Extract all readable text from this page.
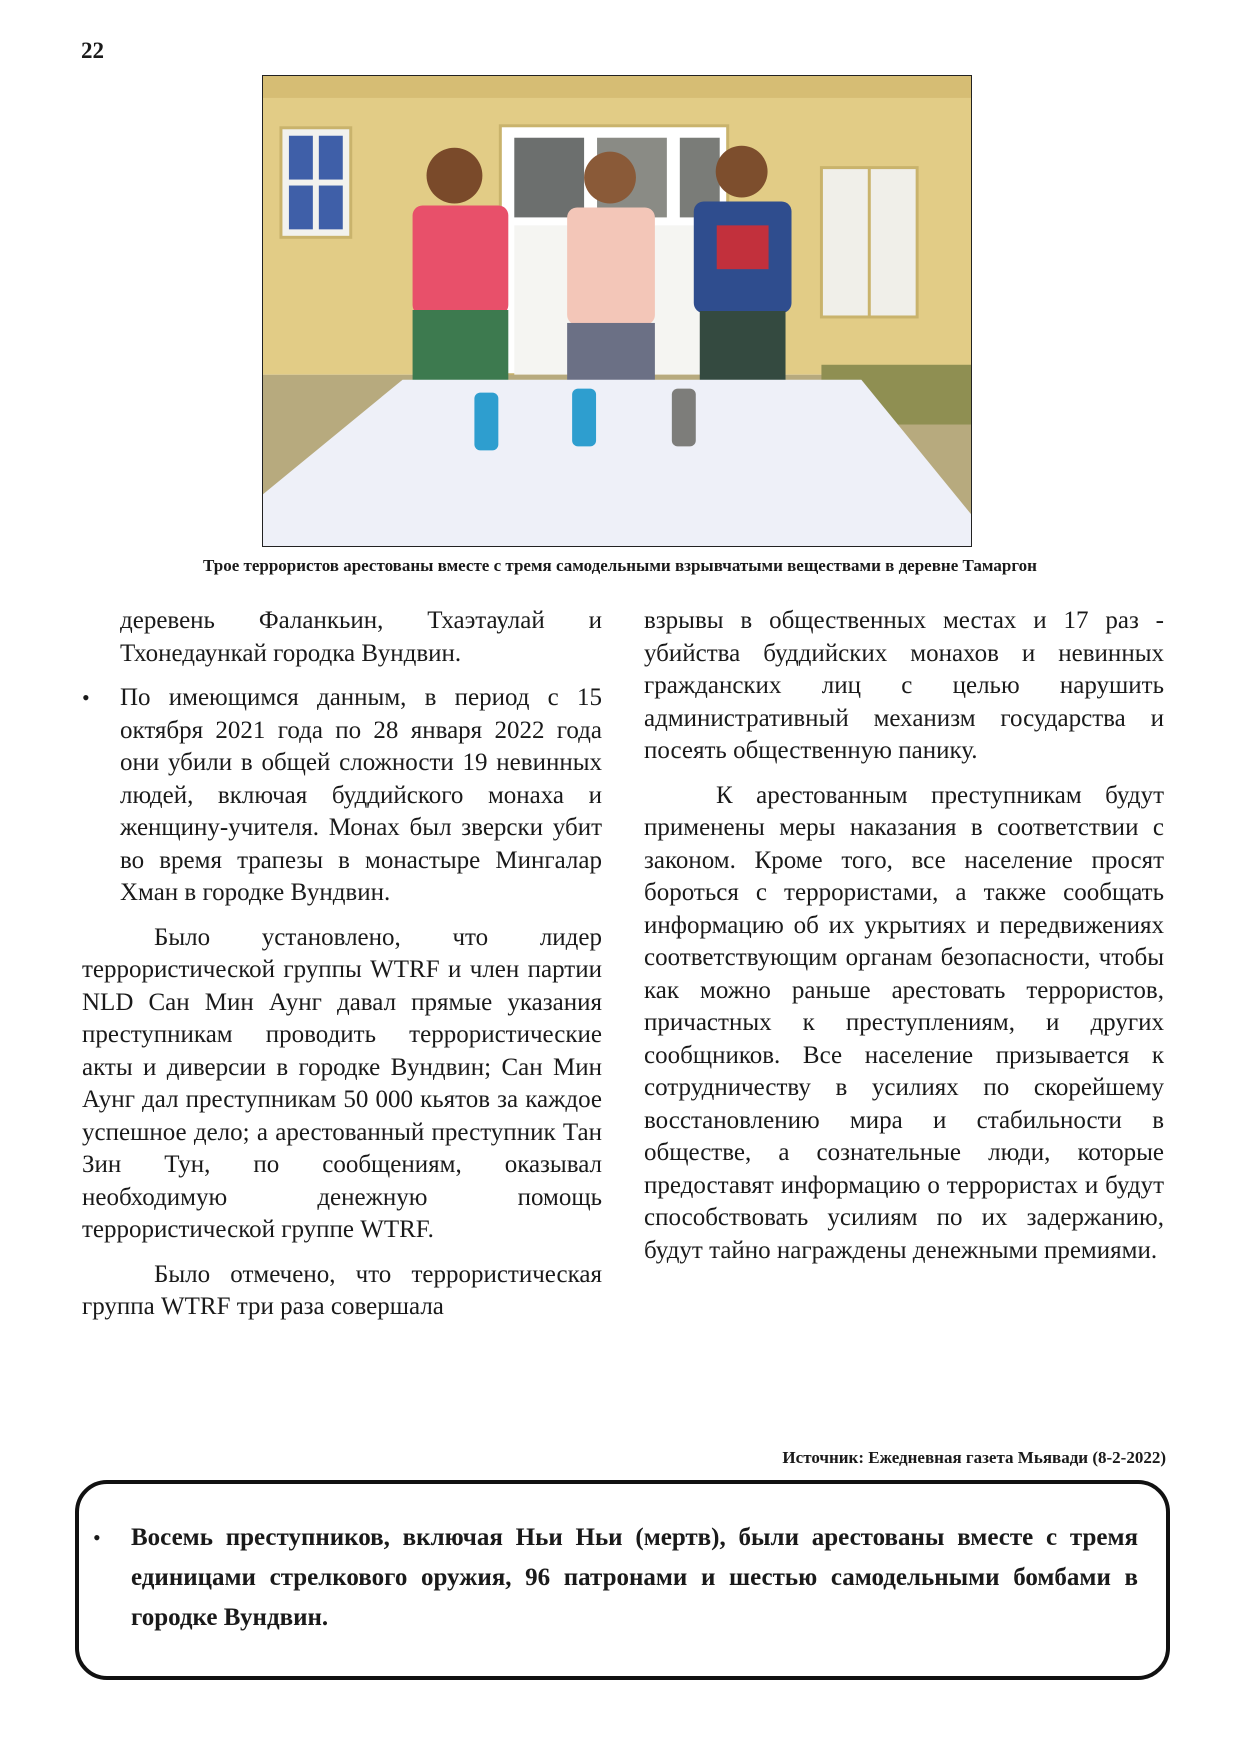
22
Трое террористов арестованы вместе с тремя самодельными взрывчатыми веществами в деревне Тамаргон

деревень Фаланкьин, Тхаэтаулай и Тхонедаункай городка Вундвин.

• По имеющимся данным, в период с 15 октября 2021 года по 28 января 2022 года они убили в общей сложности 19 невинных людей, включая буддийского монаха и женщину-учителя. Монах был зверски убит во время трапезы в монастыре Мингалар Хман в городке Вундвин.

Было установлено, что лидер террористической группы WTRF и член партии NLD Сан Мин Аунг давал прямые указания преступникам проводить террористические акты и диверсии в городке Вундвин; Сан Мин Аунг дал преступникам 50 000 кьятов за каждое успешное дело; а арестованный преступник Тан Зин Тун, по сообщениям, оказывал необходимую денежную помощь террористической группе WTRF.

Было отмечено, что террористическая группа WTRF три раза совершала

взрывы в общественных местах и 17 раз - убийства буддийских монахов и невинных гражданских лиц с целью нарушить административный механизм государства и посеять общественную панику.

К арестованным преступникам будут применены меры наказания в соответствии с законом. Кроме того, все население просят бороться с террористами, а также сообщать информацию об их укрытиях и передвижениях соответствующим органам безопасности, чтобы как можно раньше арестовать террористов, причастных к преступлениям, и других сообщников. Все население призывается к сотрудничеству в усилиях по скорейшему восстановлению мира и стабильности в обществе, а сознательные люди, которые предоставят информацию о террористах и будут способствовать усилиям по их задержанию, будут тайно награждены денежными премиями.

Источник: Ежедневная газета Мьявади (8-2-2022)
• Восемь преступников, включая Ньи Ньи (мертв), были арестованы вместе с тремя единицами стрелкового оружия, 96 патронами и шестью самодельными бомбами в городке Вундвин.
